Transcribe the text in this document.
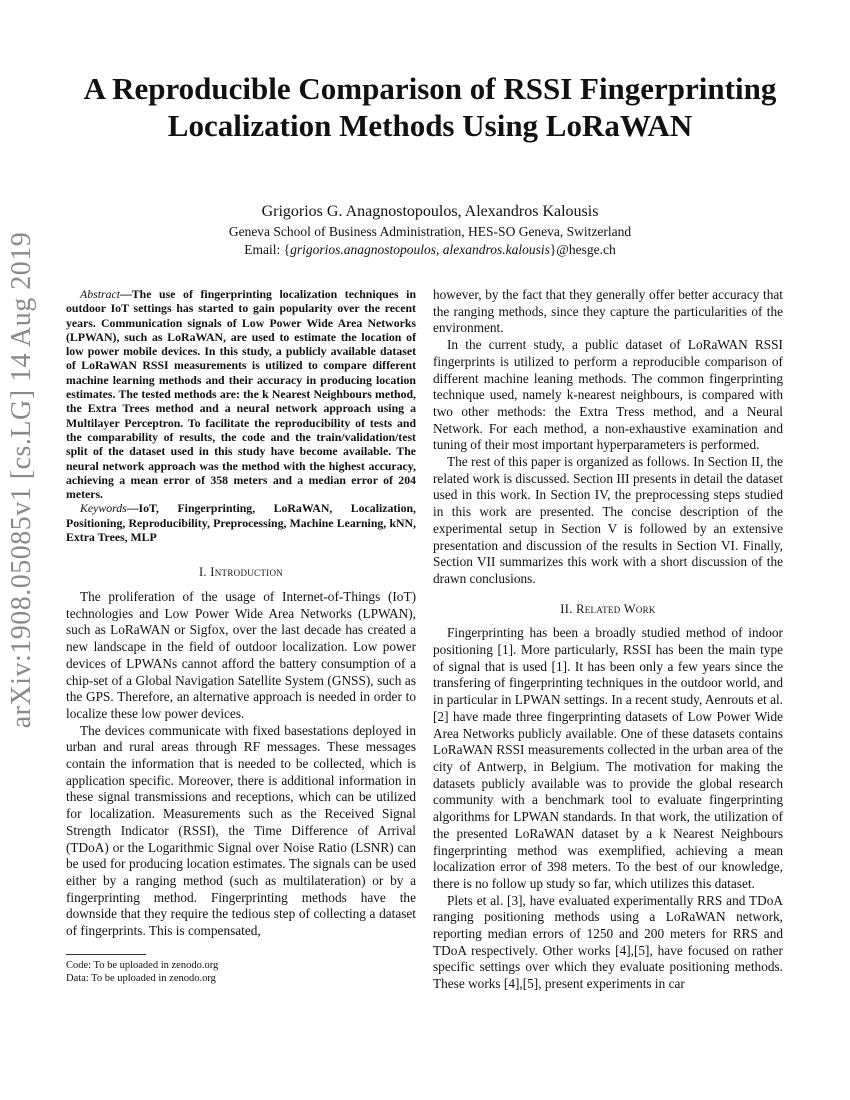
arXiv:1908.05085v1 [cs.LG] 14 Aug 2019
A Reproducible Comparison of RSSI Fingerprinting Localization Methods Using LoRaWAN
Grigorios G. Anagnostopoulos, Alexandros Kalousis
Geneva School of Business Administration, HES-SO Geneva, Switzerland
Email: {grigorios.anagnostopoulos, alexandros.kalousis}@hesge.ch

Abstract—The use of fingerprinting localization techniques in outdoor IoT settings has started to gain popularity over the recent years. Communication signals of Low Power Wide Area Networks (LPWAN), such as LoRaWAN, are used to estimate the location of low power mobile devices. In this study, a publicly available dataset of LoRaWAN RSSI measurements is utilized to compare different machine learning methods and their accuracy in producing location estimates. The tested methods are: the k Nearest Neighbours method, the Extra Trees method and a neural network approach using a Multilayer Perceptron. To facilitate the reproducibility of tests and the comparability of results, the code and the train/validation/test split of the dataset used in this study have become available. The neural network approach was the method with the highest accuracy, achieving a mean error of 358 meters and a median error of 204 meters.

Keywords—IoT, Fingerprinting, LoRaWAN, Localization, Positioning, Reproducibility, Preprocessing, Machine Learning, kNN, Extra Trees, MLP

I. Introduction

The proliferation of the usage of Internet-of-Things (IoT) technologies and Low Power Wide Area Networks (LPWAN), such as LoRaWAN or Sigfox, over the last decade has created a new landscape in the field of outdoor localization. Low power devices of LPWANs cannot afford the battery consumption of a chip-set of a Global Navigation Satellite System (GNSS), such as the GPS. Therefore, an alternative approach is needed in order to localize these low power devices.

The devices communicate with fixed basestations deployed in urban and rural areas through RF messages. These messages contain the information that is needed to be collected, which is application specific. Moreover, there is additional information in these signal transmissions and receptions, which can be utilized for localization. Measurements such as the Received Signal Strength Indicator (RSSI), the Time Difference of Arrival (TDoA) or the Logarithmic Signal over Noise Ratio (LSNR) can be used for producing location estimates. The signals can be used either by a ranging method (such as multilateration) or by a fingerprinting method. Fingerprinting methods have the downside that they require the tedious step of collecting a dataset of fingerprints. This is compensated,

however, by the fact that they generally offer better accuracy that the ranging methods, since they capture the particularities of the environment.

In the current study, a public dataset of LoRaWAN RSSI fingerprints is utilized to perform a reproducible comparison of different machine leaning methods. The common fingerprinting technique used, namely k-nearest neighbours, is compared with two other methods: the Extra Tress method, and a Neural Network. For each method, a non-exhaustive examination and tuning of their most important hyperparameters is performed.

The rest of this paper is organized as follows. In Section II, the related work is discussed. Section III presents in detail the dataset used in this work. In Section IV, the preprocessing steps studied in this work are presented. The concise description of the experimental setup in Section V is followed by an extensive presentation and discussion of the results in Section VI. Finally, Section VII summarizes this work with a short discussion of the drawn conclusions.

II. Related Work

Fingerprinting has been a broadly studied method of indoor positioning [1]. More particularly, RSSI has been the main type of signal that is used [1]. It has been only a few years since the transfering of fingerprinting techniques in the outdoor world, and in particular in LPWAN settings. In a recent study, Aenrouts et al. [2] have made three fingerprinting datasets of Low Power Wide Area Networks publicly available. One of these datasets contains LoRaWAN RSSI measurements collected in the urban area of the city of Antwerp, in Belgium. The motivation for making the datasets publicly available was to provide the global research community with a benchmark tool to evaluate fingerprinting algorithms for LPWAN standards. In that work, the utilization of the presented LoRaWAN dataset by a k Nearest Neighbours fingerprinting method was exemplified, achieving a mean localization error of 398 meters. To the best of our knowledge, there is no follow up study so far, which utilizes this dataset.

Plets et al. [3], have evaluated experimentally RRS and TDoA ranging positioning methods using a LoRaWAN network, reporting median errors of 1250 and 200 meters for RRS and TDoA respectively. Other works [4],[5], have focused on rather specific settings over which they evaluate positioning methods. These works [4],[5], present experiments in car

Code: To be uploaded in zenodo.org
Data: To be uploaded in zenodo.org
